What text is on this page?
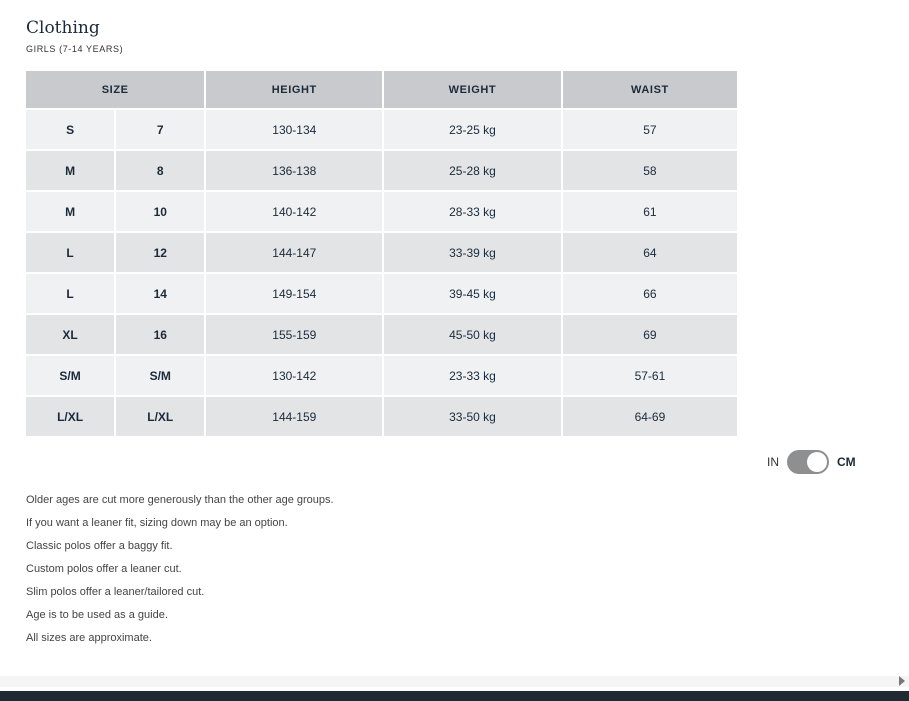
Clothing

GIRLS (7-14 YEARS)

SIZE		HEIGHT	WEIGHT	WAIST
S	7	130-134	23-25 kg	57
M	8	136-138	25-28 kg	58
M	10	140-142	28-33 kg	61
L	12	144-147	33-39 kg	64
L	14	149-154	39-45 kg	66
XL	16	155-159	45-50 kg	69
S/M	S/M	130-142	23-33 kg	57-61
L/XL	L/XL	144-159	33-50 kg	64-69
IN	CM
Older ages are cut more generously than the other age groups.
If you want a leaner fit, sizing down may be an option.
Classic polos offer a baggy fit.
Custom polos offer a leaner cut.
Slim polos offer a leaner/tailored cut.
Age is to be used as a guide.
All sizes are approximate.
